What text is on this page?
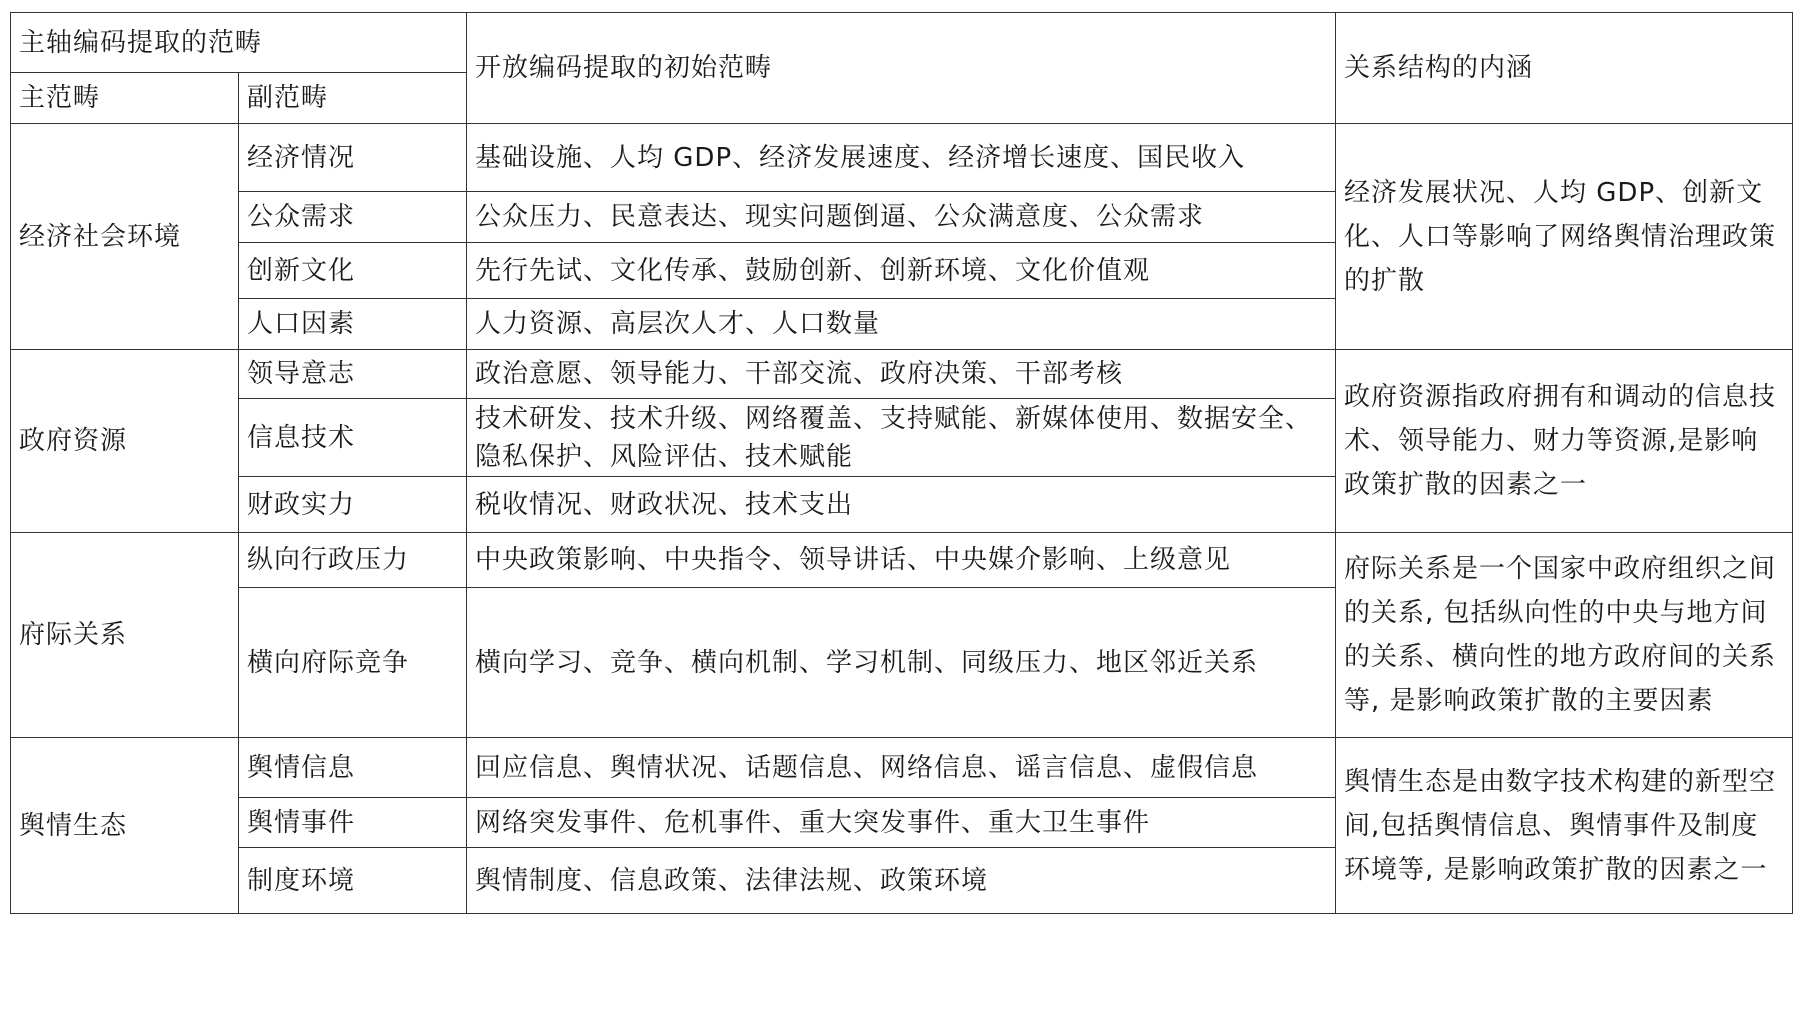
主轴编码提取的范畴		开放编码提取的初始范畴	关系结构的内涵
主范畴	副范畴		
经济社会环境	经济情况	基础设施、人均 GDP、经济发展速度、经济增长速度、国民收入	经济发展状况、人均 GDP、创新文化、人口等影响了网络舆情治理政策的扩散
	公众需求	公众压力、民意表达、现实问题倒逼、公众满意度、公众需求	
	创新文化	先行先试、文化传承、鼓励创新、创新环境、文化价值观	
	人口因素	人力资源、高层次人才、人口数量	
政府资源	领导意志	政治意愿、领导能力、干部交流、政府决策、干部考核	政府资源指政府拥有和调动的信息技术、领导能力、财力等资源,是影响政策扩散的因素之一
	信息技术	技术研发、技术升级、网络覆盖、支持赋能、新媒体使用、数据安全、隐私保护、风险评估、技术赋能	
	财政实力	税收情况、财政状况、技术支出	
府际关系	纵向行政压力	中央政策影响、中央指令、领导讲话、中央媒介影响、上级意见	府际关系是一个国家中政府组织之间的关系, 包括纵向性的中央与地方间的关系、横向性的地方政府间的关系等, 是影响政策扩散的主要因素
	横向府际竞争	横向学习、竞争、横向机制、学习机制、同级压力、地区邻近关系	
舆情生态	舆情信息	回应信息、舆情状况、话题信息、网络信息、谣言信息、虚假信息	舆情生态是由数字技术构建的新型空间,包括舆情信息、舆情事件及制度环境等, 是影响政策扩散的因素之一
	舆情事件	网络突发事件、危机事件、重大突发事件、重大卫生事件	
	制度环境	舆情制度、信息政策、法律法规、政策环境	
